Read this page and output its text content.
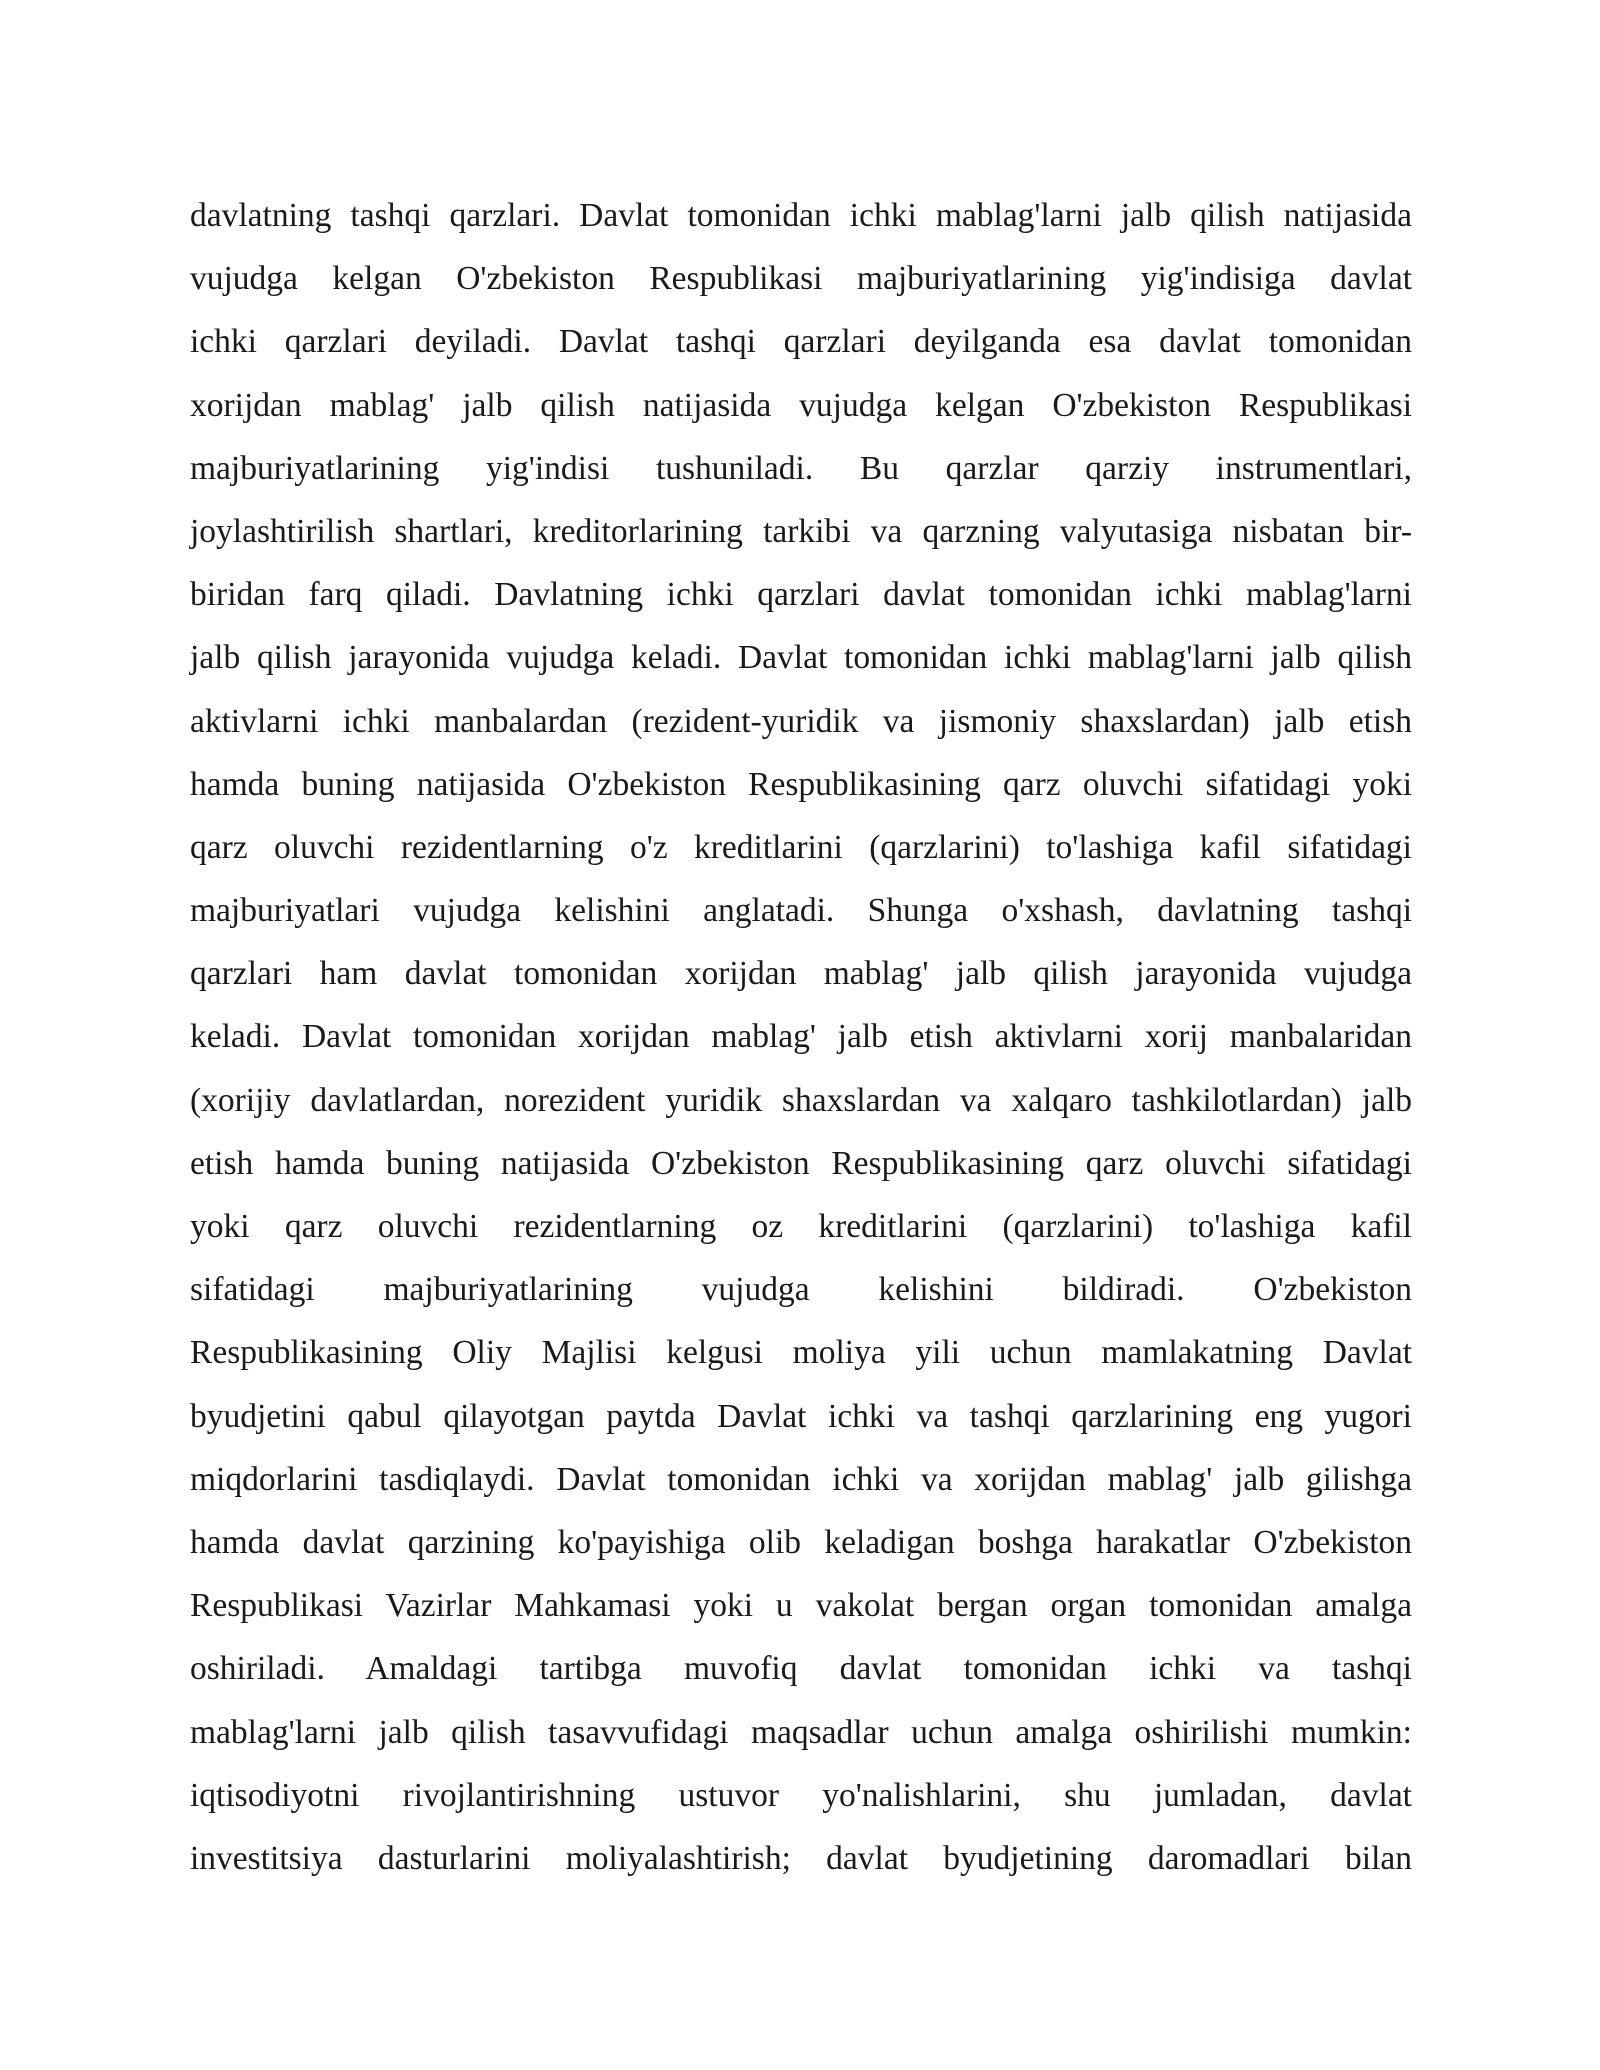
davlatning tashqi qarzlari. Davlat tomonidan ichki mablag'larni jalb qilish natijasida
vujudga kelgan O'zbekiston Respublikasi majburiyatlarining yig'indisiga davlat
ichki qarzlari deyiladi. Davlat tashqi qarzlari deyilganda esa davlat tomonidan
xorijdan mablag' jalb qilish natijasida vujudga kelgan O'zbekiston Respublikasi
majburiyatlarining yig'indisi tushuniladi. Bu qarzlar qarziy instrumentlari,
joylashtirilish shartlari, kreditorlarining tarkibi va qarzning valyutasiga nisbatan bir-
biridan farq qiladi. Davlatning ichki qarzlari davlat tomonidan ichki mablag'larni
jalb qilish jarayonida vujudga keladi. Davlat tomonidan ichki mablag'larni jalb qilish
aktivlarni ichki manbalardan (rezident-yuridik va jismoniy shaxslardan) jalb etish
hamda buning natijasida O'zbekiston Respublikasining qarz oluvchi sifatidagi yoki
qarz oluvchi rezidentlarning o'z kreditlarini (qarzlarini) to'lashiga kafil sifatidagi
majburiyatlari vujudga kelishini anglatadi. Shunga o'xshash, davlatning tashqi
qarzlari ham davlat tomonidan xorijdan mablag' jalb qilish jarayonida vujudga
keladi. Davlat tomonidan xorijdan mablag' jalb etish aktivlarni xorij manbalaridan
(xorijiy davlatlardan, norezident yuridik shaxslardan va xalqaro tashkilotlardan) jalb
etish hamda buning natijasida O'zbekiston Respublikasining qarz oluvchi sifatidagi
yoki qarz oluvchi rezidentlarning oz kreditlarini (qarzlarini) to'lashiga kafil
sifatidagi majburiyatlarining vujudga kelishini bildiradi. O'zbekiston
Respublikasining Oliy Majlisi kelgusi moliya yili uchun mamlakatning Davlat
byudjetini qabul qilayotgan paytda Davlat ichki va tashqi qarzlarining eng yugori
miqdorlarini tasdiqlaydi. Davlat tomonidan ichki va xorijdan mablag' jalb gilishga
hamda davlat qarzining ko'payishiga olib keladigan boshga harakatlar O'zbekiston
Respublikasi Vazirlar Mahkamasi yoki u vakolat bergan organ tomonidan amalga
oshiriladi. Amaldagi tartibga muvofiq davlat tomonidan ichki va tashqi
mablag'larni jalb qilish tasavvufidagi maqsadlar uchun amalga oshirilishi mumkin:
iqtisodiyotni rivojlantirishning ustuvor yo'nalishlarini, shu jumladan, davlat
investitsiya dasturlarini moliyalashtirish; davlat byudjetining daromadlari bilan
